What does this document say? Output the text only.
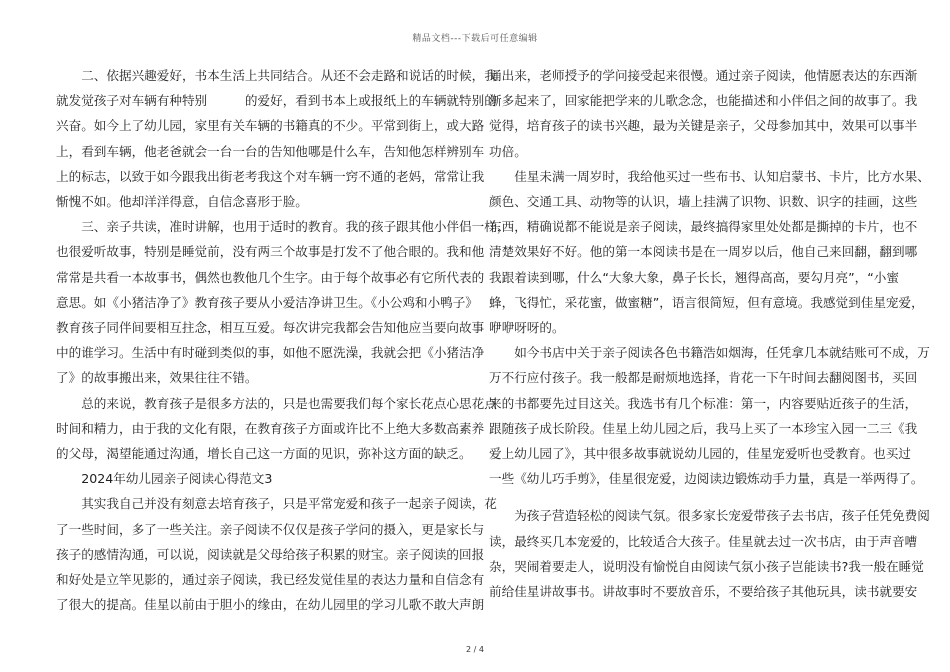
精品文档---下载后可任意编辑
　　二、依据兴趣爱好，书本生活上共同结合。从还不会走路和说话的时候，我
就发觉孩子对车辆有种特别　　　的爱好，看到书本上或报纸上的车辆就特别的
兴奋。如今上了幼儿园，家里有关车辆的书籍真的不少。平常到街上，或大路
上，看到车辆，他老爸就会一台一台的告知他哪是什么车，告知他怎样辨别车
上的标志，以致于如今跟我出街老考我这个对车辆一窍不通的老妈，常常让我
惭愧不如。他却洋洋得意，自信念喜形于脸。
　　三、亲子共读，准时讲解，也用于适时的教育。我的孩子跟其他小伴侣一样，
也很爱听故事，特别是睡觉前，没有两三个故事是打发不了他合眼的。我和他
常常是共看一本故事书，偶然也教他几个生字。由于每个故事必有它所代表的
意思。如《小猪洁净了》教育孩子要从小爱洁净讲卫生。《小公鸡和小鸭子》
教育孩子同伴间要相互拄念，相互互爱。每次讲完我都会告知他应当要向故事
中的谁学习。生活中有时碰到类似的事，如他不愿洗澡，我就会把《小猪洁净
了》的故事搬出来，效果往往不错。
　　总的来说，教育孩子是很多方法的，只是也需要我们每个家长花点心思花点
时间和精力，由于我的文化有限，在教育孩子方面或许比不上绝大多数高素养
的父母，渴望能通过沟通，增长自己这一方面的见识，弥补这方面的缺乏。
　　2024年幼儿园亲子阅读心得范文3
　　其实我自己并没有刻意去培育孩子，只是平常宠爱和孩子一起亲子阅读，花
了一些时间，多了一些关注。亲子阅读不仅仅是孩子学问的摄入，更是家长与
孩子的感情沟通，可以说，阅读就是父母给孩子积累的财宝。亲子阅读的回报
和好处是立竿见影的，通过亲子阅读，我已经发觉佳星的表达力量和自信念有
了很大的提高。佳星以前由于胆小的缘由，在幼儿园里的学习儿歌不敢大声朗
诵出来，老师授予的学问接受起来很慢。通过亲子阅读，他情愿表达的东西渐
渐多起来了，回家能把学来的儿歌念念，也能描述和小伴侣之间的故事了。我
觉得，培育孩子的读书兴趣，最为关键是亲子，父母参加其中，效果可以事半
功倍。
　　佳星未满一周岁时，我给他买过一些布书、认知启蒙书、卡片，比方水果、
颜色、交通工具、动物等的认识，墙上挂满了识物、识数、识字的挂画，这些
东西，精确说都不能说是亲子阅读，最终搞得家里处处都是撕掉的卡片，也不
清楚效果好不好。他的第一本阅读书是在一周岁以后，他自己来回翻，翻到哪
我跟着读到哪，什么“大象大象，鼻子长长，翘得高高，要勾月亮”，“小蜜
蜂，飞得忙，采花蜜，做蜜糖”，语言很简短，但有意境。我感觉到佳星宠爱，
咿咿呀呀的。
　　如今书店中关于亲子阅读各色书籍浩如烟海，任凭拿几本就结账可不成，万
万不行应付孩子。我一般都是耐烦地选择，肯花一下午时间去翻阅图书，买回
来的书都要先过目这关。我选书有几个标准：第一，内容要贴近孩子的生活，
跟随孩子成长阶段。佳星上幼儿园之后，我马上买了一本珍宝入园一二三《我
爱上幼儿园了》，其中很多故事就说幼儿园的，佳星宠爱听也受教育。也买过
一些《幼儿巧手剪》，佳星很宠爱，边阅读边锻炼动手力量，真是一举两得了。
　　为孩子营造轻松的阅读气氛。很多家长宠爱带孩子去书店，孩子任凭免费阅
读，最终买几本宠爱的，比较适合大孩子。佳星就去过一次书店，由于声音嘈
杂，哭闹着要走人，说明没有愉悦自由阅读气氛小孩子岂能读书?我一般在睡觉
前给佳星讲故事书。讲故事时不要放音乐，不要给孩子其他玩具，读书就要安
2 / 4
